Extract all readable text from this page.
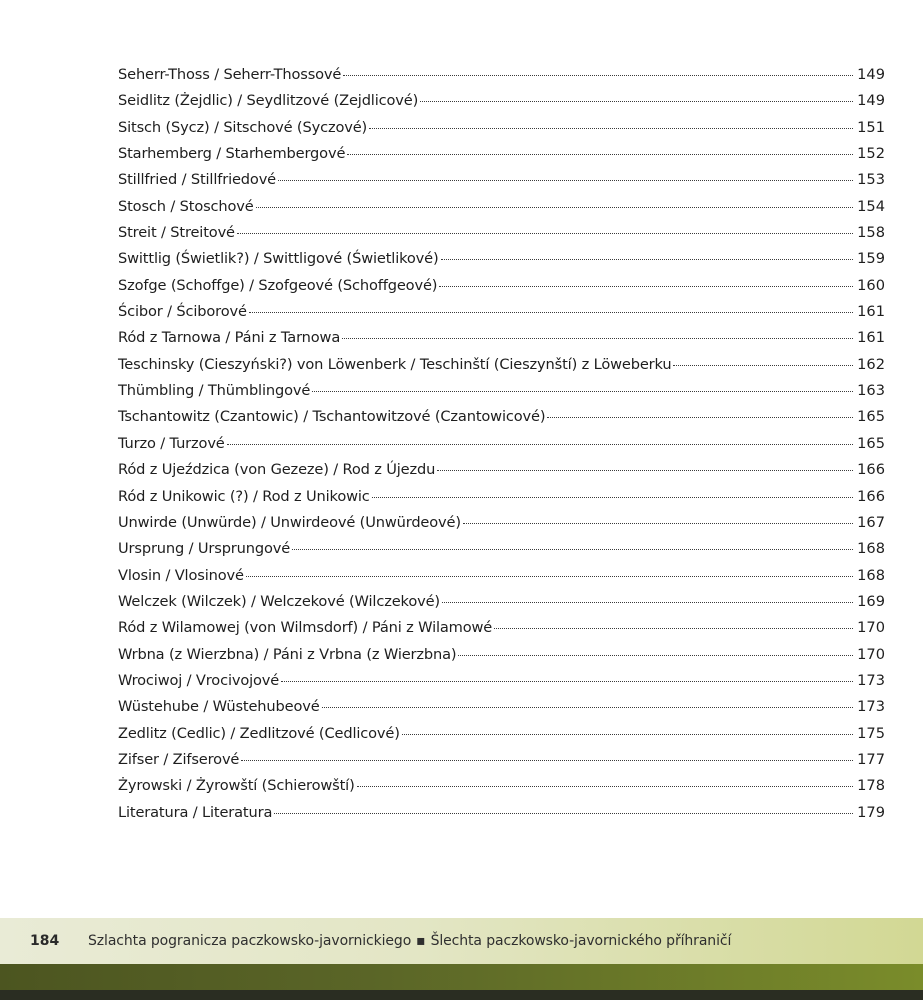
Seherr-Thoss / Seherr-Thossové	149
Seidlitz (Żejdlic) / Seydlitzové (Zejdlicové)	149
Sitsch (Sycz) / Sitschové (Syczové)	151
Starhemberg / Starhembergové	152
Stillfried / Stillfriedové	153
Stosch / Stoschové	154
Streit / Streitové	158
Swittlig (Świetlik?) / Swittligové (Świetlikové)	159
Szofge (Schoffge) / Szofgeové (Schoffgeové)	160
Ścibor / Ściborové	161
Ród z Tarnowa / Páni z Tarnowa	161
Teschinsky (Cieszyński?) von Löwenberk / Teschinští (Cieszynští) z Löweberku	162
Thümbling / Thümblingové	163
Tschantowitz (Czantowic) / Tschantowitzové (Czantowicové)	165
Turzo / Turzové	165
Ród z Ujeździca (von Gezeze) / Rod z Újezdu	166
Ród z Unikowic (?) / Rod z Unikowic	166
Unwirde (Unwürde) / Unwirdeové (Unwürdeové)	167
Ursprung / Ursprungové	168
Vlosin / Vlosinové	168
Welczek (Wilczek) / Welczekové (Wilczekové)	169
Ród z Wilamowej (von Wilmsdorf) / Páni z Wilamowé	170
Wrbna (z Wierzbna) / Páni z Vrbna (z Wierzbna)	170
Wrociwoj / Vrocivojové	173
Wüstehube / Wüstehubeové	173
Zedlitz (Cedlic) / Zedlitzové (Cedlicové)	175
Zifser / Zifserové	177
Żyrowski / Żyrowští (Schierowští)	178
Literatura / Literatura	179
184 Szlachta pogranicza paczkowsko-javornickiego ▪ Šlechta paczkowsko-javornického příhraničí
